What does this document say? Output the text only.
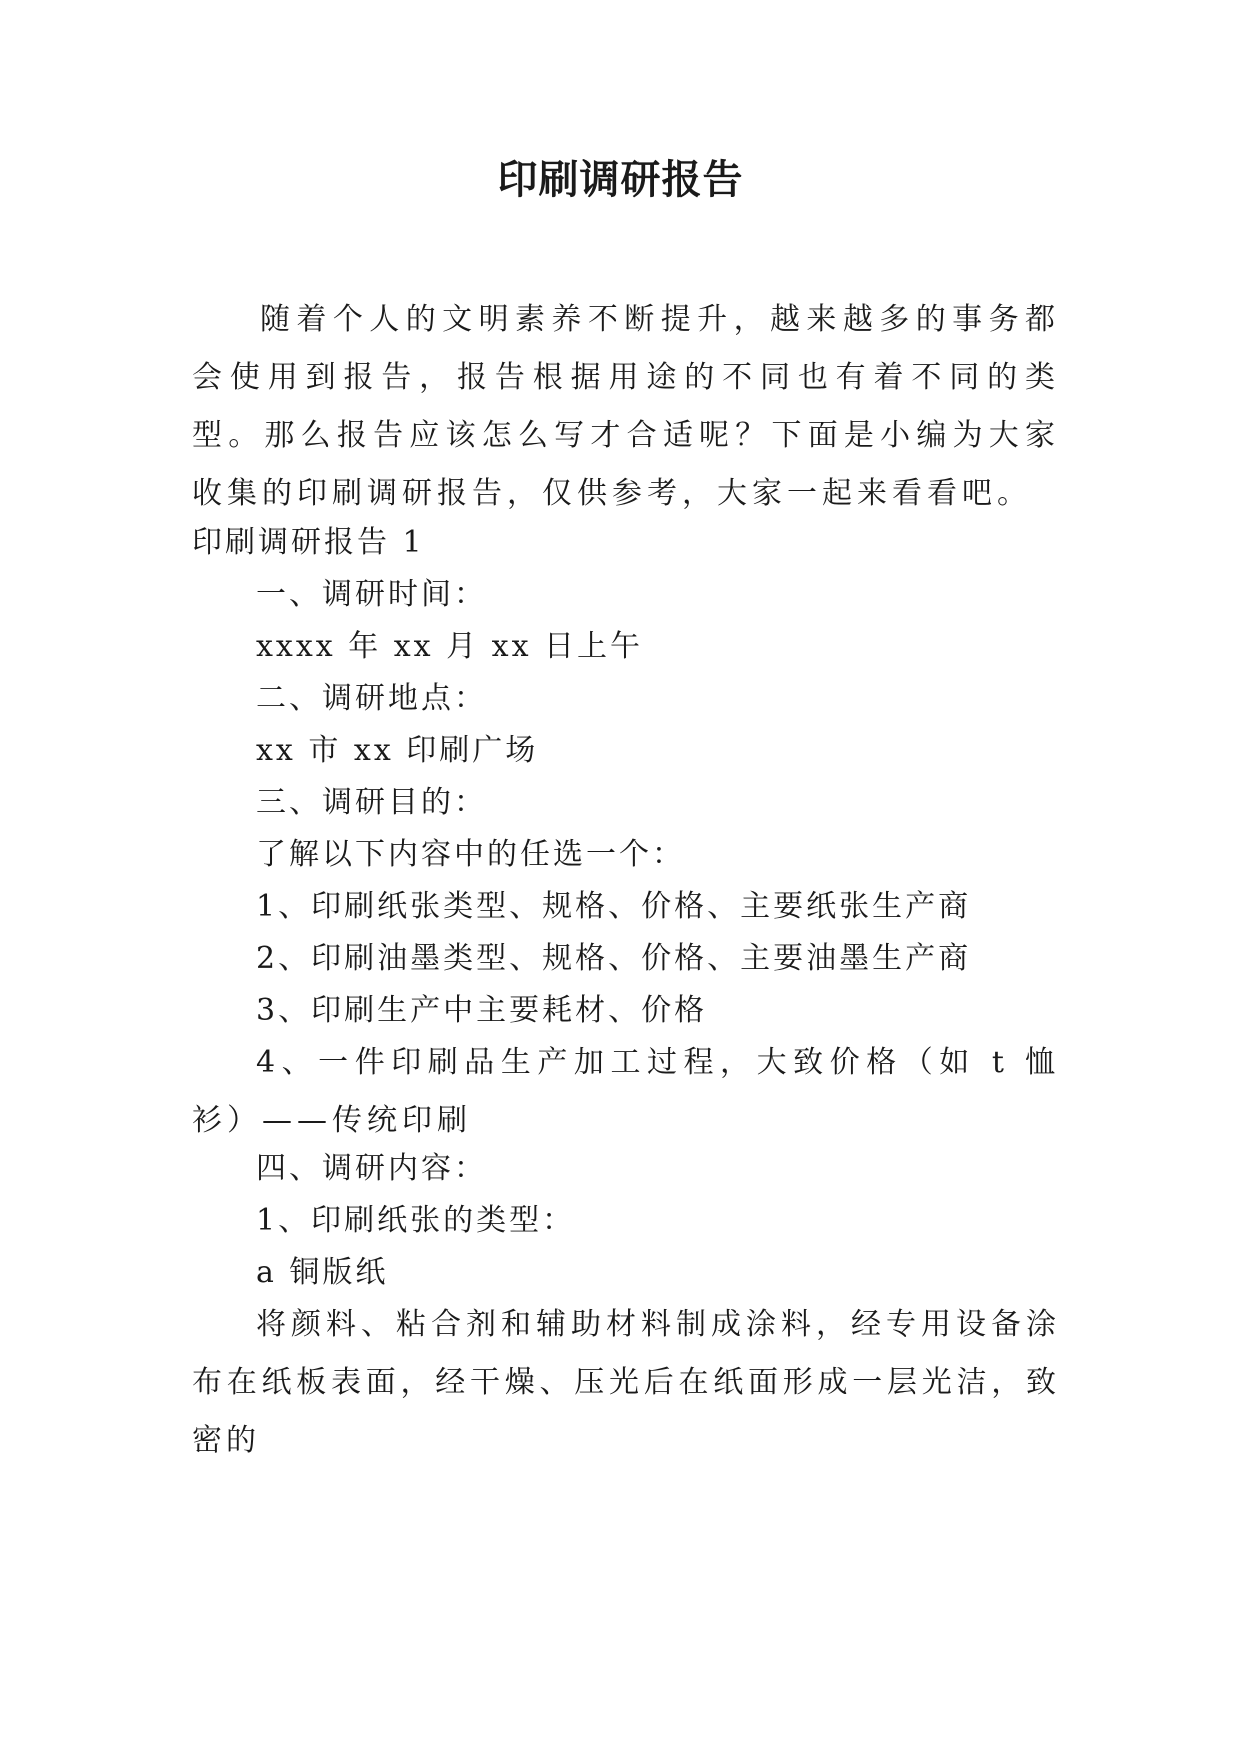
印刷调研报告

随着个人的文明素养不断提升，越来越多的事务都会使用到报告，报告根据用途的不同也有着不同的类型。那么报告应该怎么写才合适呢？下面是小编为大家收集的印刷调研报告，仅供参考，大家一起来看看吧。

印刷调研报告 1

一、调研时间：

xxxx 年 xx 月 xx 日上午

二、调研地点：

xx 市 xx 印刷广场

三、调研目的：

了解以下内容中的任选一个：

1、印刷纸张类型、规格、价格、主要纸张生产商

2、印刷油墨类型、规格、价格、主要油墨生产商

3、印刷生产中主要耗材、价格

4、一件印刷品生产加工过程，大致价格（如 t 恤衫）——传统印刷

四、调研内容：

1、印刷纸张的类型：

a 铜版纸

将颜料、粘合剂和辅助材料制成涂料，经专用设备涂布在纸板表面，经干燥、压光后在纸面形成一层光洁，致密的
